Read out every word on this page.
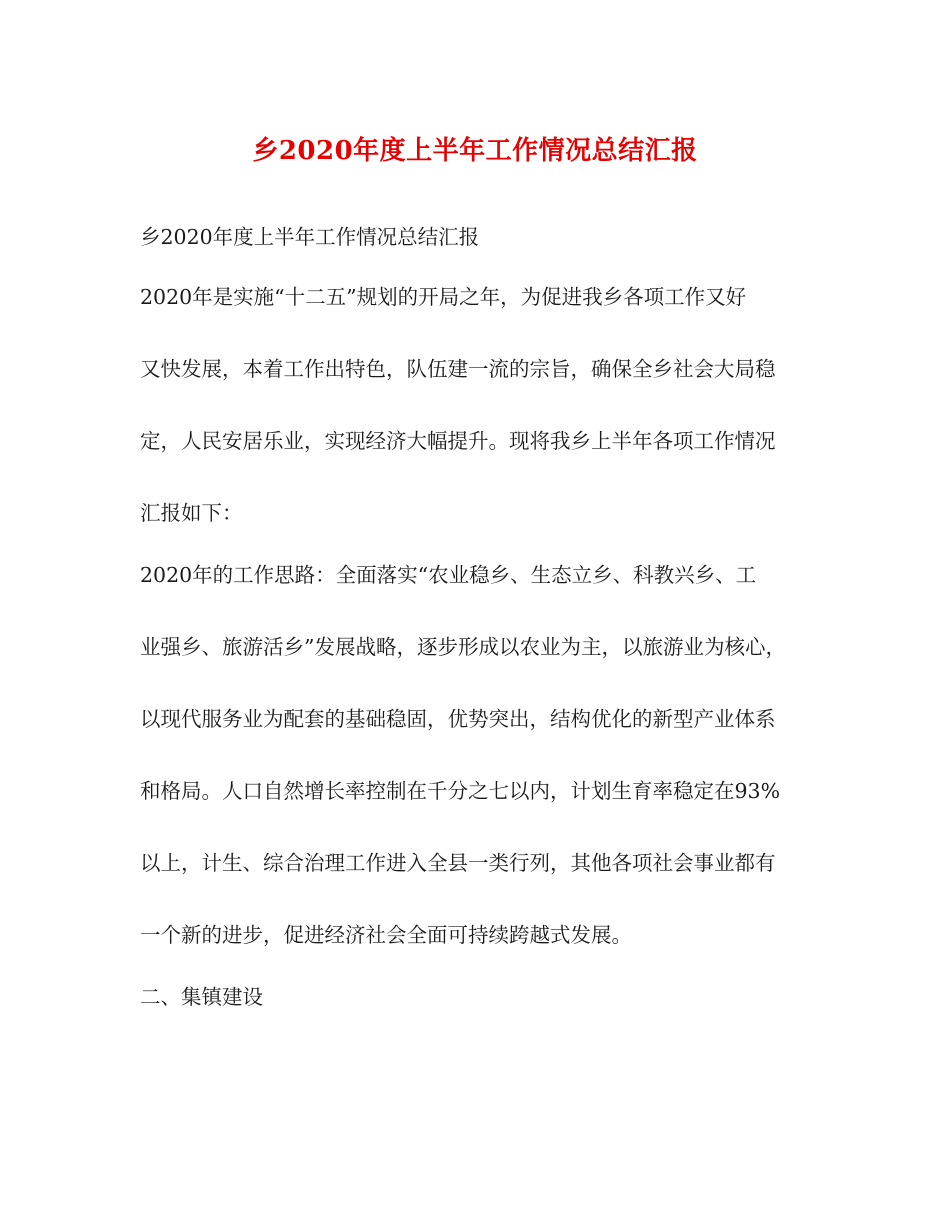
乡2020年度上半年工作情况总结汇报

乡2020年度上半年工作情况总结汇报

2020年是实施“十二五”规划的开局之年，为促进我乡各项工作又好

又快发展，本着工作出特色，队伍建一流的宗旨，确保全乡社会大局稳

定，人民安居乐业，实现经济大幅提升。现将我乡上半年各项工作情况

汇报如下：

2020年的工作思路：全面落实“农业稳乡、生态立乡、科教兴乡、工

业强乡、旅游活乡”发展战略，逐步形成以农业为主，以旅游业为核心，

以现代服务业为配套的基础稳固，优势突出，结构优化的新型产业体系

和格局。人口自然增长率控制在千分之七以内，计划生育率稳定在93%

以上，计生、综合治理工作进入全县一类行列，其他各项社会事业都有

一个新的进步，促进经济社会全面可持续跨越式发展。

二、集镇建设
